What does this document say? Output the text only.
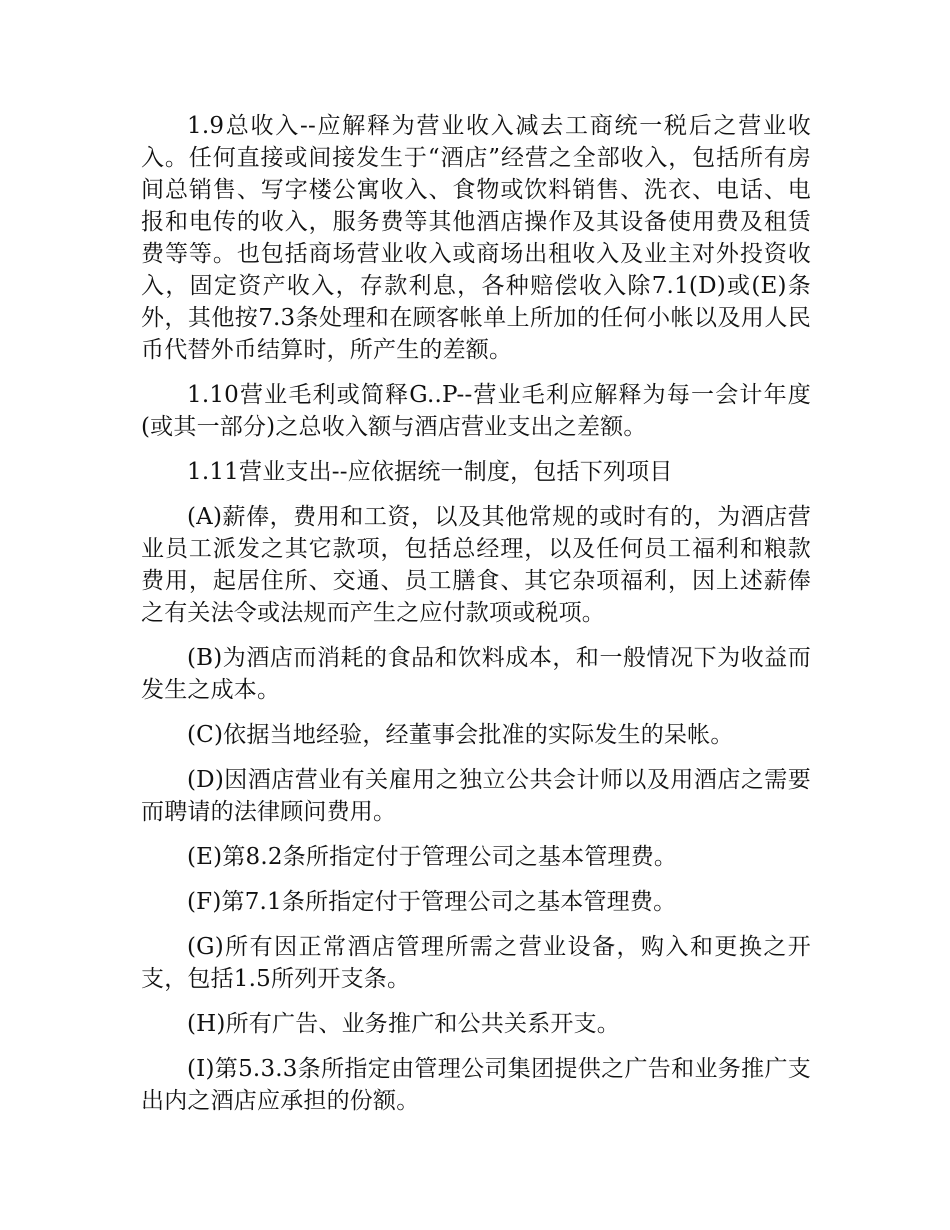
1.9总收入--应解释为营业收入减去工商统一税后之营业收入。任何直接或间接发生于“酒店”经营之全部收入，包括所有房间总销售、写字楼公寓收入、食物或饮料销售、洗衣、电话、电报和电传的收入，服务费等其他酒店操作及其设备使用费及租赁费等等。也包括商场营业收入或商场出租收入及业主对外投资收入，固定资产收入，存款利息，各种赔偿收入除7.1(D)或(E)条外，其他按7.3条处理和在顾客帐单上所加的任何小帐以及用人民币代替外币结算时，所产生的差额。

1.10营业毛利或简释G..P--营业毛利应解释为每一会计年度(或其一部分)之总收入额与酒店营业支出之差额。

1.11营业支出--应依据统一制度，包括下列项目

(A)薪俸，费用和工资，以及其他常规的或时有的，为酒店营业员工派发之其它款项，包括总经理，以及任何员工福利和粮款费用，起居住所、交通、员工膳食、其它杂项福利，因上述薪俸之有关法令或法规而产生之应付款项或税项。

(B)为酒店而消耗的食品和饮料成本，和一般情况下为收益而发生之成本。

(C)依据当地经验，经董事会批准的实际发生的呆帐。

(D)因酒店营业有关雇用之独立公共会计师以及用酒店之需要而聘请的法律顾问费用。

(E)第8.2条所指定付于管理公司之基本管理费。

(F)第7.1条所指定付于管理公司之基本管理费。

(G)所有因正常酒店管理所需之营业设备，购入和更换之开支，包括1.5所列开支条。

(H)所有广告、业务推广和公共关系开支。

(I)第5.3.3条所指定由管理公司集团提供之广告和业务推广支出内之酒店应承担的份额。
